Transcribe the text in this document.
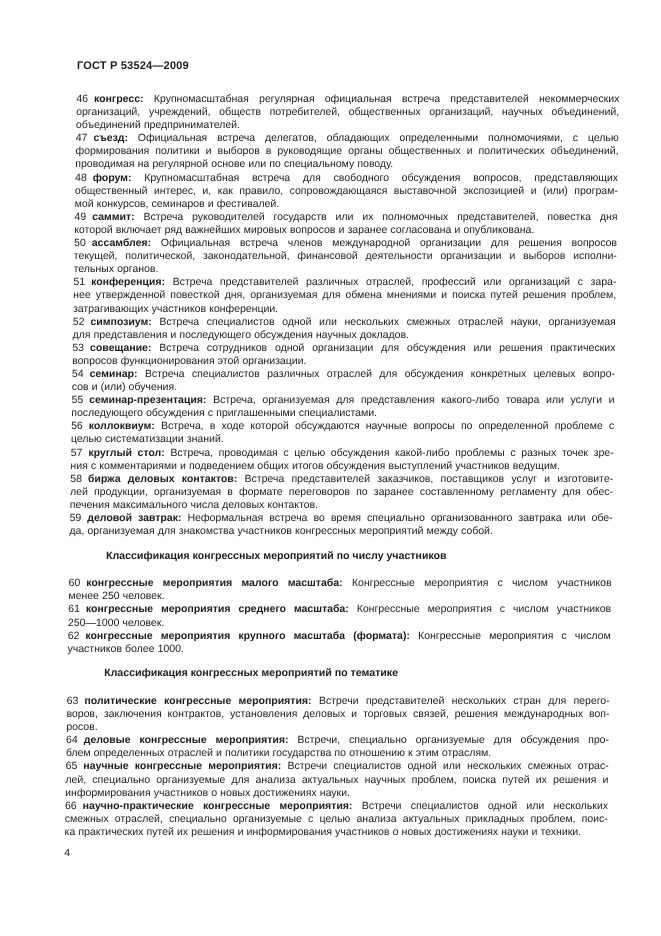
ГОСТ Р 53524—2009
46 конгресс: Крупномасштабная регулярная официальная встреча представителей некоммерческих
организаций, учреждений, обществ потребителей, общественных организаций, научных объединений,
объединений предпринимателей.
47 съезд: Официальная встреча делегатов, обладающих определенными полномочиями, с целью
формирования политики и выборов в руководящие органы общественных и политических объединений,
проводимая на регулярной основе или по специальному поводу.
48 форум: Крупномасштабная встреча для свободного обсуждения вопросов, представляющих
общественный интерес, и, как правило, сопровождающаяся выставочной экспозицией и (или) програм-
мой конкурсов, семинаров и фестивалей.
49 саммит: Встреча руководителей государств или их полномочных представителей, повестка дня
которой включает ряд важнейших мировых вопросов и заранее согласована и опубликована.
50 ассамблея: Официальная встреча членов международной организации для решения вопросов
текущей, политической, законодательной, финансовой деятельности организации и выборов исполни-
тельных органов.
51 конференция: Встреча представителей различных отраслей, профессий или организаций с зара-
нее утвержденной повесткой дня, организуемая для обмена мнениями и поиска путей решения проблем,
затрагивающих участников конференции.
52 симпозиум: Встреча специалистов одной или нескольких смежных отраслей науки, организуемая
для представления и последующего обсуждения научных докладов.
53 совещание: Встреча сотрудников одной организации для обсуждения или решения практических
вопросов функционирования этой организации.
54 семинар: Встреча специалистов различных отраслей для обсуждения конкретных целевых вопро-
сов и (или) обучения.
55 семинар-презентация: Встреча, организуемая для представления какого-либо товара или услуги и
последующего обсуждения с приглашенными специалистами.
56 коллоквиум: Встреча, в ходе которой обсуждаются научные вопросы по определенной проблеме с
целью систематизации знаний.
57 круглый стол: Встреча, проводимая с целью обсуждения какой-либо проблемы с разных точек зре-
ния с комментариями и подведением общих итогов обсуждения выступлений участников ведущим.
58 биржа деловых контактов: Встреча представителей заказчиков, поставщиков услуг и изготовите-
лей продукции, организуемая в формате переговоров по заранее составленному регламенту для обес-
печения максимального числа деловых контактов.
59 деловой завтрак: Неформальная встреча во время специально организованного завтрака или обе-
да, организуемая для знакомства участников конгрессных мероприятий между собой.
Классификация конгрессных мероприятий по числу участников
60 конгрессные мероприятия малого масштаба: Конгрессные мероприятия с числом участников
менее 250 человек.
61 конгрессные мероприятия среднего масштаба: Конгрессные мероприятия с числом участников
250—1000 человек.
62 конгрессные мероприятия крупного масштаба (формата): Конгрессные мероприятия с числом
участников более 1000.
Классификация конгрессных мероприятий по тематике
63 политические конгрессные мероприятия: Встречи представителей нескольких стран для перего-
воров, заключения контрактов, установления деловых и торговых связей, решения международных воп-
росов.
64 деловые конгрессные мероприятия: Встречи, специально организуемые для обсуждения про-
блем определенных отраслей и политики государства по отношению к этим отраслям.
65 научные конгрессные мероприятия: Встречи специалистов одной или нескольких смежных отрас-
лей, специально организуемые для анализа актуальных научных проблем, поиска путей их решения и
информирования участников о новых достижениях науки.
66 научно-практические конгрессные мероприятия: Встречи специалистов одной или нескольких
смежных отраслей, специально организуемые с целью анализа актуальных прикладных проблем, поис-
ка практических путей их решения и информирования участников о новых достижениях науки и техники.
4
